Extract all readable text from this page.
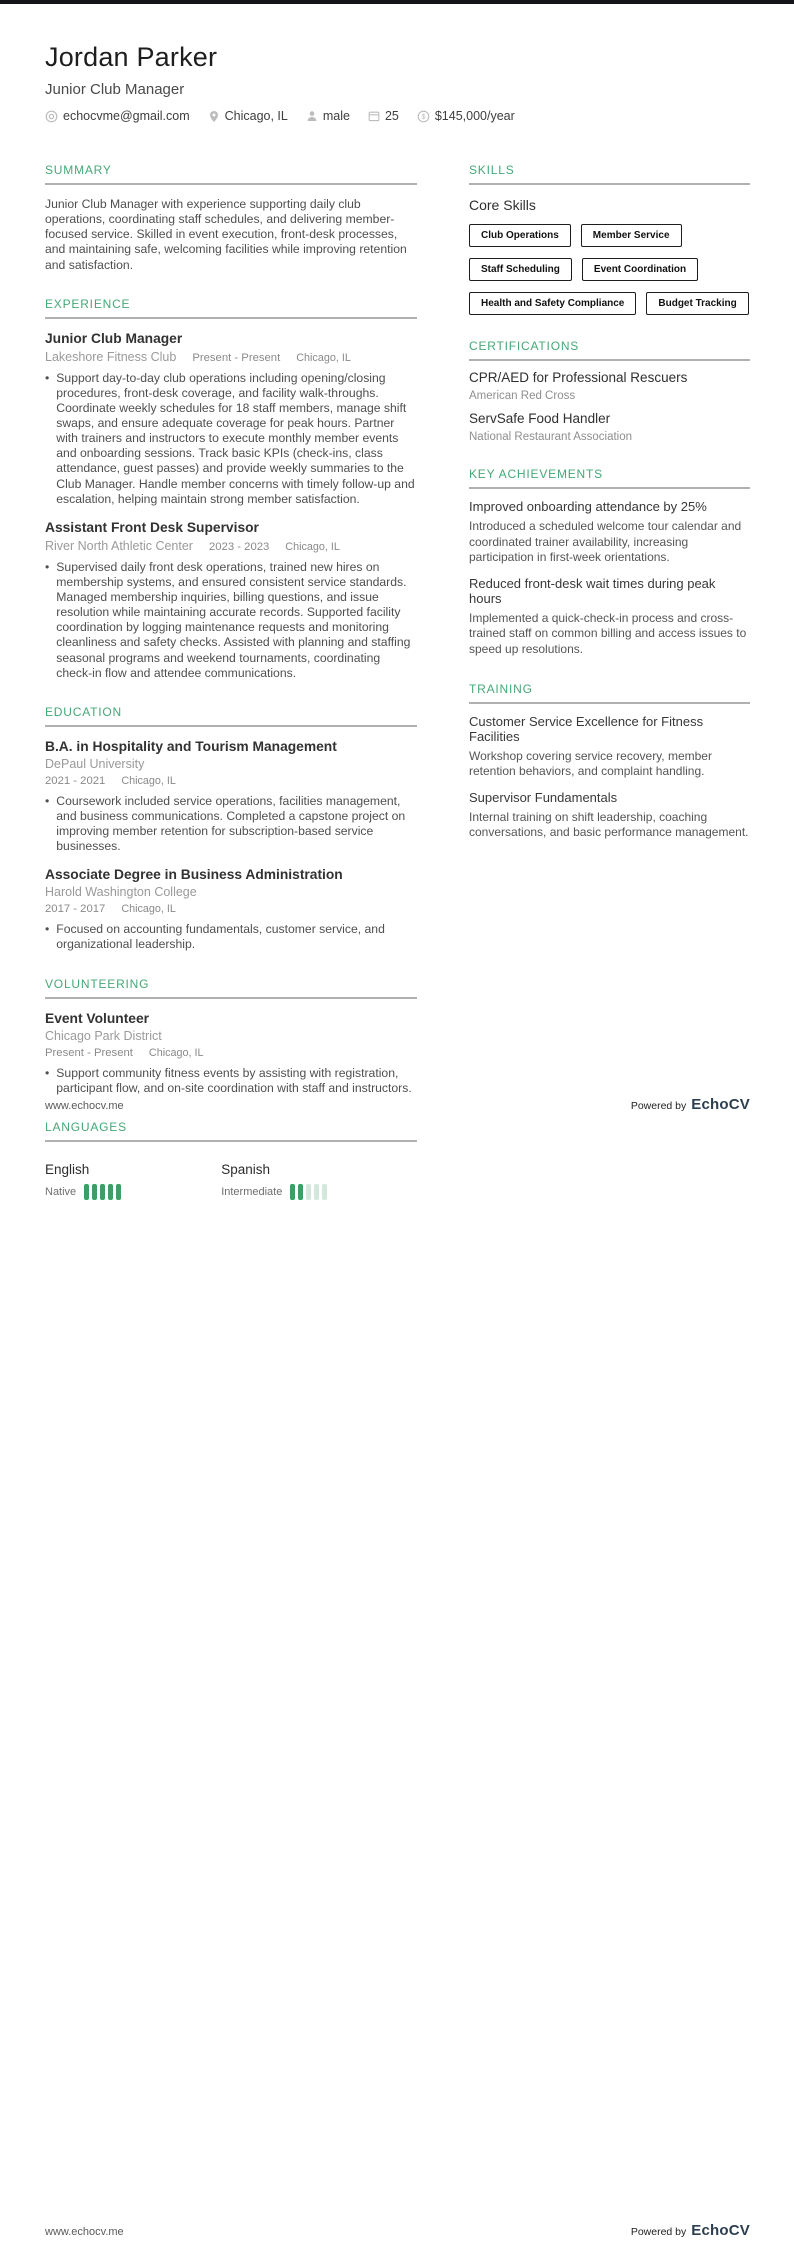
Jordan Parker
Junior Club Manager
echocvme@gmail.com	Chicago, IL	male	25	$ $145,000/year
SUMMARY
Junior Club Manager with experience supporting daily club operations, coordinating staff schedules, and delivering member-focused service. Skilled in event execution, front-desk processes, and maintaining safe, welcoming facilities while improving retention and satisfaction.
EXPERIENCE
Junior Club Manager
Lakeshore Fitness Club Present - Present Chicago, IL
• Support day-to-day club operations including opening/closing procedures, front-desk coverage, and facility walk-throughs. Coordinate weekly schedules for 18 staff members, manage shift swaps, and ensure adequate coverage for peak hours. Partner with trainers and instructors to execute monthly member events and onboarding sessions. Track basic KPIs (check-ins, class attendance, guest passes) and provide weekly summaries to the Club Manager. Handle member concerns with timely follow-up and escalation, helping maintain strong member satisfaction.
Assistant Front Desk Supervisor
River North Athletic Center 2023 - 2023 Chicago, IL
• Supervised daily front desk operations, trained new hires on membership systems, and ensured consistent service standards. Managed membership inquiries, billing questions, and issue resolution while maintaining accurate records. Supported facility coordination by logging maintenance requests and monitoring cleanliness and safety checks. Assisted with planning and staffing seasonal programs and weekend tournaments, coordinating check-in flow and attendee communications.
EDUCATION
B.A. in Hospitality and Tourism Management
DePaul University
2021 - 2021 Chicago, IL
• Coursework included service operations, facilities management, and business communications. Completed a capstone project on improving member retention for subscription-based service businesses.
Associate Degree in Business Administration
Harold Washington College
2017 - 2017 Chicago, IL
• Focused on accounting fundamentals, customer service, and organizational leadership.
VOLUNTEERING
Event Volunteer
Chicago Park District
Present - Present Chicago, IL
• Support community fitness events by assisting with registration, participant flow, and on-site coordination with staff and instructors.
LANGUAGES
SKILLS
Core Skills
Club Operations	Member Service
Staff Scheduling	Event Coordination
Health and Safety Compliance	Budget Tracking
CERTIFICATIONS
CPR/AED for Professional Rescuers
American Red Cross
ServSafe Food Handler
National Restaurant Association
KEY ACHIEVEMENTS
Improved onboarding attendance by 25%
Introduced a scheduled welcome tour calendar and coordinated trainer availability, increasing participation in first-week orientations.
Reduced front-desk wait times during peak hours
Implemented a quick-check-in process and cross-trained staff on common billing and access issues to speed up resolutions.
TRAINING
Customer Service Excellence for Fitness Facilities
Workshop covering service recovery, member retention behaviors, and complaint handling.
Supervisor Fundamentals
Internal training on shift leadership, coaching conversations, and basic performance management.
www.echocv.me	Powered by EchoCV
English
Native
Spanish
Intermediate
www.echocv.me	Powered by EchoCV
